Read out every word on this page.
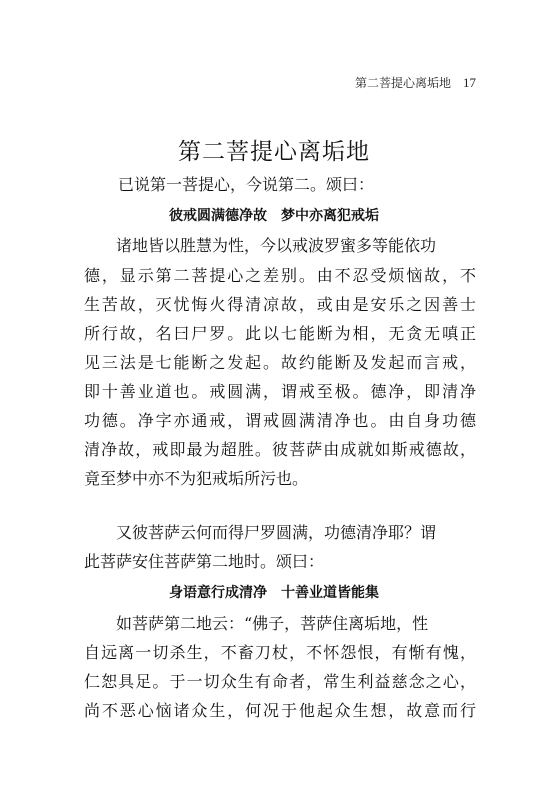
第二菩提心离垢地 17
第二菩提心离垢地
已说第一菩提心，今说第二。颂曰：
彼戒圆满德净故 梦中亦离犯戒垢
诸地皆以胜慧为性，今以戒波罗蜜多等能依功
德，显示第二菩提心之差别。由不忍受烦恼故，不
生苦故，灭忧悔火得清凉故，或由是安乐之因善士
所行故，名曰尸罗。此以七能断为相，无贪无嗔正
见三法是七能断之发起。故约能断及发起而言戒，
即十善业道也。戒圆满，谓戒至极。德净，即清净
功德。净字亦通戒，谓戒圆满清净也。由自身功德
清净故，戒即最为超胜。彼菩萨由成就如斯戒德故，
竟至梦中亦不为犯戒垢所污也。
又彼菩萨云何而得尸罗圆满，功德清净耶？谓
此菩萨安住菩萨第二地时。颂曰：
身语意行成清净 十善业道皆能集
如菩萨第二地云：“佛子，菩萨住离垢地，性
自远离一切杀生，不畜刀杖，不怀怨恨，有惭有愧，
仁恕具足。于一切众生有命者，常生利益慈念之心，
尚不恶心恼诸众生，何况于他起众生想，故意而行
